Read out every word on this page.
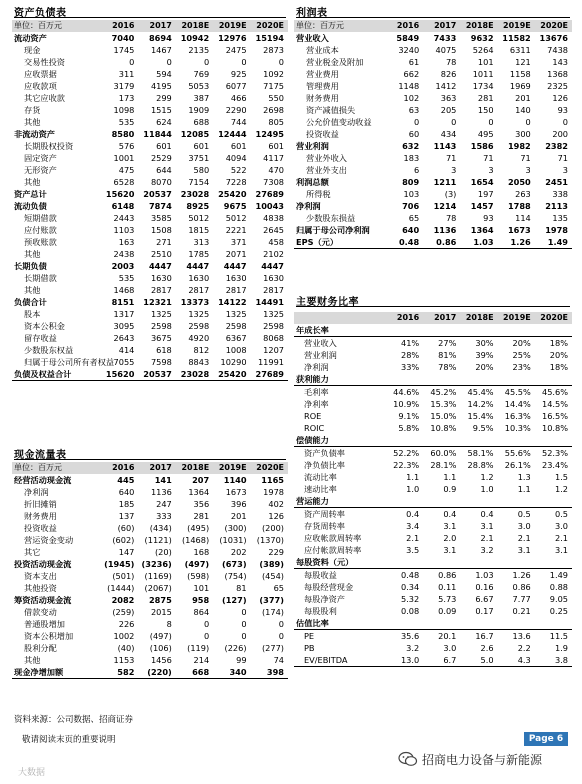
资产负债表
单位：百万元	2016	2017	2018E	2019E	2020E
流动资产	7040	8694	10942	12976	15194
现金	1745	1467	2135	2475	2873
交易性投资	0	0	0	0	0
应收票据	311	594	769	925	1092
应收款项	3179	4195	5053	6077	7175
其它应收款	173	299	387	466	550
存货	1098	1515	1909	2290	2698
其他	535	624	688	744	805
非流动资产	8580	11844	12085	12444	12495
长期股权投资	576	601	601	601	601
固定资产	1001	2529	3751	4094	4117
无形资产	475	644	580	522	470
其他	6528	8070	7154	7228	7308
资产总计	15620	20537	23028	25420	27689
流动负债	6148	7874	8925	9675	10043
短期借款	2443	3585	5012	5012	4838
应付账款	1103	1508	1815	2221	2645
预收账款	163	271	313	371	458
其他	2438	2510	1785	2071	2102
长期负债	2003	4447	4447	4447	4447
长期借款	535	1630	1630	1630	1630
其他	1468	2817	2817	2817	2817
负债合计	8151	12321	13373	14122	14491
股本	1317	1325	1325	1325	1325
资本公积金	3095	2598	2598	2598	2598
留存收益	2643	3675	4920	6367	8068
少数股东权益	414	618	812	1008	1207
归属于母公司所有者权益	7055	7598	8843	10290	11991
负债及权益合计	15620	20537	23028	25420	27689
现金流量表
单位：百万元	2016	2017	2018E	2019E	2020E
经营活动现金流	445	141	207	1140	1165
净利润	640	1136	1364	1673	1978
折旧摊销	185	247	356	396	402
财务费用	137	333	281	201	126
投资收益	(60)	(434)	(495)	(300)	(200)
营运资金变动	(602)	(1121)	(1468)	(1031)	(1370)
其它	147	(20)	168	202	229
投资活动现金流	(1945)	(3236)	(497)	(673)	(389)
资本支出	(501)	(1169)	(598)	(754)	(454)
其他投资	(1444)	(2067)	101	81	65
筹资活动现金流	2082	2875	958	(127)	(377)
借款变动	(259)	2015	864	0	(174)
普通股增加	226	8	0	0	0
资本公积增加	1002	(497)	0	0	0
股利分配	(40)	(106)	(119)	(226)	(277)
其他	1153	1456	214	99	74
现金净增加额	582	(220)	668	340	398
利润表
单位：百万元	2016	2017	2018E	2019E	2020E
营业收入	5849	7433	9632	11582	13676
营业成本	3240	4075	5264	6311	7438
营业税金及附加	61	78	101	121	143
营业费用	662	826	1011	1158	1368
管理费用	1148	1412	1734	1969	2325
财务费用	102	363	281	201	126
资产减值损失	63	205	150	140	93
公允价值变动收益	0	0	0	0	0
投资收益	60	434	495	300	200
营业利润	632	1143	1586	1982	2382
营业外收入	183	71	71	71	71
营业外支出	6	3	3	3	3
利润总额	809	1211	1654	2050	2451
所得税	103	(3)	197	263	338
净利润	706	1214	1457	1788	2113
少数股东损益	65	78	93	114	135
归属于母公司净利润	640	1136	1364	1673	1978
EPS（元）	0.48	0.86	1.03	1.26	1.49
主要财务比率
	2016	2017	2018E	2019E	2020E
年成长率					
营业收入	41%	27%	30%	20%	18%
营业利润	28%	81%	39%	25%	20%
净利润	33%	78%	20%	23%	18%
获利能力					
毛利率	44.6%	45.2%	45.4%	45.5%	45.6%
净利率	10.9%	15.3%	14.2%	14.4%	14.5%
ROE	9.1%	15.0%	15.4%	16.3%	16.5%
ROIC	5.8%	10.8%	9.5%	10.3%	10.8%
偿债能力					
资产负债率	52.2%	60.0%	58.1%	55.6%	52.3%
净负债比率	22.3%	28.1%	28.8%	26.1%	23.4%
流动比率	1.1	1.1	1.2	1.3	1.5
速动比率	1.0	0.9	1.0	1.1	1.2
营运能力					
资产周转率	0.4	0.4	0.4	0.5	0.5
存货周转率	3.4	3.1	3.1	3.0	3.0
应收帐款周转率	2.1	2.0	2.1	2.1	2.1
应付帐款周转率	3.5	3.1	3.2	3.1	3.1
每股资料（元）					
每股收益	0.48	0.86	1.03	1.26	1.49
每股经营现金	0.34	0.11	0.16	0.86	0.88
每股净资产	5.32	5.73	6.67	7.77	9.05
每股股利	0.08	0.09	0.17	0.21	0.25
估值比率					
PE	35.6	20.1	16.7	13.6	11.5
PB	3.2	3.0	2.6	2.2	1.9
EV/EBITDA	13.0	6.7	5.0	4.3	3.8
资料来源：公司数据、招商证券
敬请阅读末页的重要说明	Page 6
大数据
招商电力设备与新能源
